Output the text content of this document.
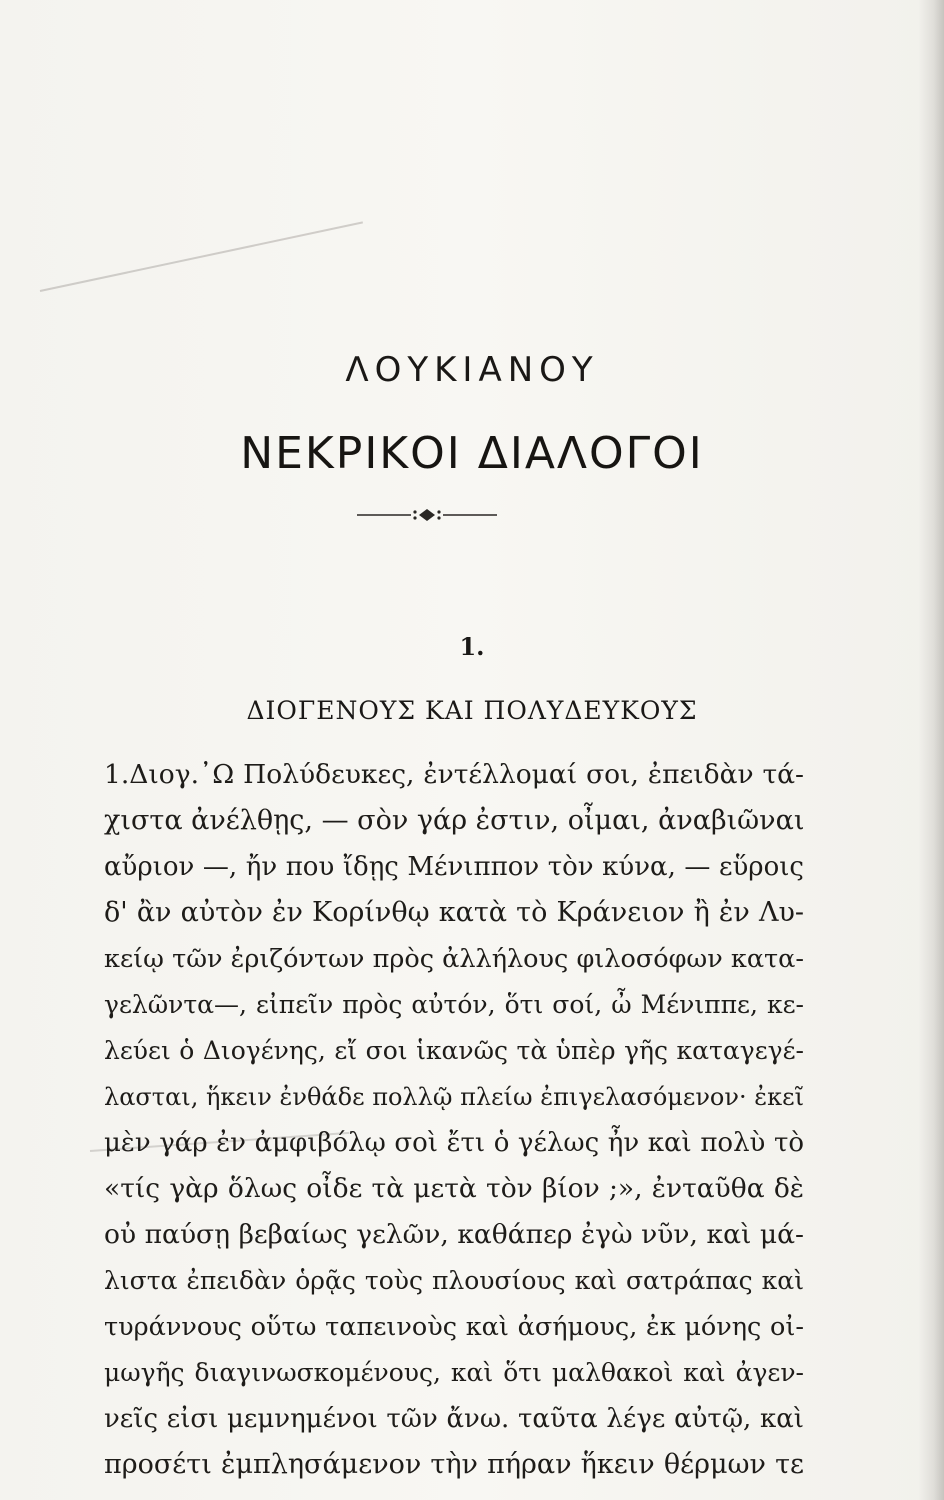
ΛΟΥΚΙΑΝΟΥ
ΝΕΚΡΙΚΟΙ ΔΙΑΛΟΓΟΙ
1.
ΔΙΟΓΕΝΟΥΣ ΚΑΙ ΠΟΛΥΔΕΥΚΟΥΣ
1.Διογ.᾿Ω Πολύδευκες, ἐντέλλομαί σοι, ἐπειδὰν τά-
χιστα ἀνέλθῃς, — σὸν γάρ ἐστιν, οἶμαι, ἀναβιῶναι
αὔριον —, ἤν που ἴδῃς Μένιππον τὸν κύνα, — εὕροις
δ' ἂν αὐτὸν ἐν Κορίνθῳ κατὰ τὸ Κράνειον ἢ ἐν Λυ-
κείῳ τῶν ἐριζόντων πρὸς ἀλλήλους φιλοσόφων κατα-
γελῶντα—, εἰπεῖν πρὸς αὐτόν, ὅτι σοί, ὦ Μένιππε, κε-
λεύει ὁ Διογένης, εἴ σοι ἱκανῶς τὰ ὑπὲρ γῆς καταγεγέ-
λασται, ἥκειν ἐνθάδε πολλῷ πλείω ἐπιγελασόμενον· ἐκεῖ
μὲν γάρ ἐν ἀμφιβόλῳ σοὶ ἔτι ὁ γέλως ἦν καὶ πολὺ τὸ
«τίς γὰρ ὅλως οἶδε τὰ μετὰ τὸν βίον ;», ἐνταῦθα δὲ
οὐ παύσῃ βεβαίως γελῶν, καθάπερ ἐγὼ νῦν, καὶ μά-
λιστα ἐπειδὰν ὁρᾷς τοὺς πλουσίους καὶ σατράπας καὶ
τυράννους οὕτω ταπεινοὺς καὶ ἀσήμους, ἐκ μόνης οἰ-
μωγῆς διαγινωσκομένους, καὶ ὅτι μαλθακοὶ καὶ ἀγεν-
νεῖς εἰσι μεμνημένοι τῶν ἄνω. ταῦτα λέγε αὐτῷ, καὶ
προσέτι ἐμπλησάμενον τὴν πήραν ἥκειν θέρμων τε
